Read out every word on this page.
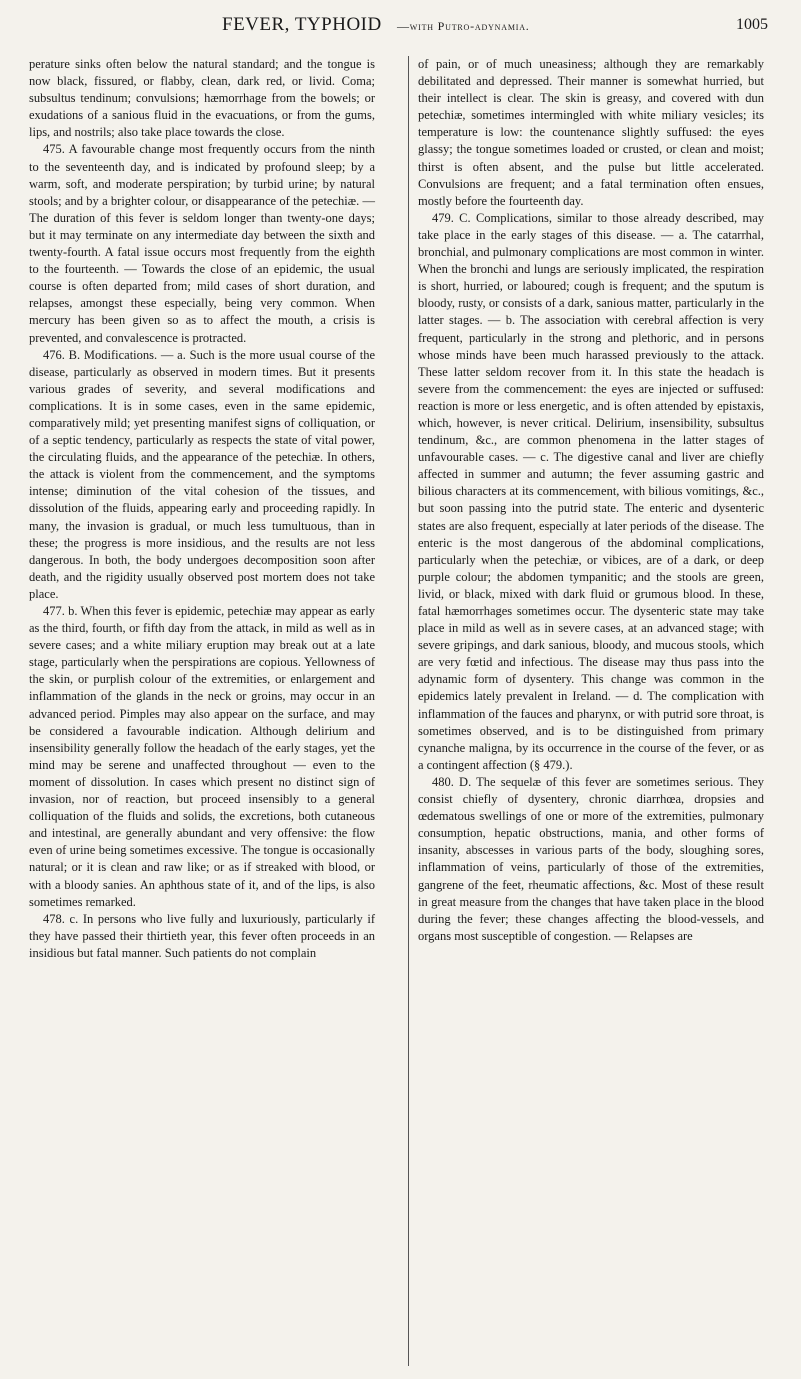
FEVER, TYPHOID —with Putro-adynamia.	1005

perature sinks often below the natural standard; and the tongue is now black, fissured, or flabby, clean, dark red, or livid. Coma; subsultus tendinum; convulsions; hæmorrhage from the bowels; or exudations of a sanious fluid in the evacuations, or from the gums, lips, and nostrils; also take place towards the close.

475. A favourable change most frequently occurs from the ninth to the seventeenth day, and is indicated by profound sleep; by a warm, soft, and moderate perspiration; by turbid urine; by natural stools; and by a brighter colour, or disappearance of the petechiæ. — The duration of this fever is seldom longer than twenty-one days; but it may terminate on any intermediate day between the sixth and twenty-fourth. A fatal issue occurs most frequently from the eighth to the fourteenth. — Towards the close of an epidemic, the usual course is often departed from; mild cases of short duration, and relapses, amongst these especially, being very common. When mercury has been given so as to affect the mouth, a crisis is prevented, and convalescence is protracted.

476. B. Modifications. — a. Such is the more usual course of the disease, particularly as observed in modern times. But it presents various grades of severity, and several modifications and complications. It is in some cases, even in the same epidemic, comparatively mild; yet presenting manifest signs of colliquation, or of a septic tendency, particularly as respects the state of vital power, the circulating fluids, and the appearance of the petechiæ. In others, the attack is violent from the commencement, and the symptoms intense; diminution of the vital cohesion of the tissues, and dissolution of the fluids, appearing early and proceeding rapidly. In many, the invasion is gradual, or much less tumultuous, than in these; the progress is more insidious, and the results are not less dangerous. In both, the body undergoes decomposition soon after death, and the rigidity usually observed post mortem does not take place.

477. b. When this fever is epidemic, petechiæ may appear as early as the third, fourth, or fifth day from the attack, in mild as well as in severe cases; and a white miliary eruption may break out at a late stage, particularly when the perspirations are copious. Yellowness of the skin, or purplish colour of the extremities, or enlargement and inflammation of the glands in the neck or groins, may occur in an advanced period. Pimples may also appear on the surface, and may be considered a favourable indication. Although delirium and insensibility generally follow the headach of the early stages, yet the mind may be serene and unaffected throughout — even to the moment of dissolution. In cases which present no distinct sign of invasion, nor of reaction, but proceed insensibly to a general colliquation of the fluids and solids, the excretions, both cutaneous and intestinal, are generally abundant and very offensive: the flow even of urine being sometimes excessive. The tongue is occasionally natural; or it is clean and raw like; or as if streaked with blood, or with a bloody sanies. An aphthous state of it, and of the lips, is also sometimes remarked.

478. c. In persons who live fully and luxuriously, particularly if they have passed their thirtieth year, this fever often proceeds in an insidious but fatal manner. Such patients do not complain

of pain, or of much uneasiness; although they are remarkably debilitated and depressed. Their manner is somewhat hurried, but their intellect is clear. The skin is greasy, and covered with dun petechiæ, sometimes intermingled with white miliary vesicles; its temperature is low: the countenance slightly suffused: the eyes glassy; the tongue sometimes loaded or crusted, or clean and moist; thirst is often absent, and the pulse but little accelerated. Convulsions are frequent; and a fatal termination often ensues, mostly before the fourteenth day.

479. C. Complications, similar to those already described, may take place in the early stages of this disease. — a. The catarrhal, bronchial, and pulmonary complications are most common in winter. When the bronchi and lungs are seriously implicated, the respiration is short, hurried, or laboured; cough is frequent; and the sputum is bloody, rusty, or consists of a dark, sanious matter, particularly in the latter stages. — b. The association with cerebral affection is very frequent, particularly in the strong and plethoric, and in persons whose minds have been much harassed previously to the attack. These latter seldom recover from it. In this state the headach is severe from the commencement: the eyes are injected or suffused: reaction is more or less energetic, and is often attended by epistaxis, which, however, is never critical. Delirium, insensibility, subsultus tendinum, &c., are common phenomena in the latter stages of unfavourable cases. — c. The digestive canal and liver are chiefly affected in summer and autumn; the fever assuming gastric and bilious characters at its commencement, with bilious vomitings, &c., but soon passing into the putrid state. The enteric and dysenteric states are also frequent, especially at later periods of the disease. The enteric is the most dangerous of the abdominal complications, particularly when the petechiæ, or vibices, are of a dark, or deep purple colour; the abdomen tympanitic; and the stools are green, livid, or black, mixed with dark fluid or grumous blood. In these, fatal hæmorrhages sometimes occur. The dysenteric state may take place in mild as well as in severe cases, at an advanced stage; with severe gripings, and dark sanious, bloody, and mucous stools, which are very fœtid and infectious. The disease may thus pass into the adynamic form of dysentery. This change was common in the epidemics lately prevalent in Ireland. — d. The complication with inflammation of the fauces and pharynx, or with putrid sore throat, is sometimes observed, and is to be distinguished from primary cynanche maligna, by its occurrence in the course of the fever, or as a contingent affection (§ 479.).

480. D. The sequelæ of this fever are sometimes serious. They consist chiefly of dysentery, chronic diarrhœa, dropsies and œdematous swellings of one or more of the extremities, pulmonary consumption, hepatic obstructions, mania, and other forms of insanity, abscesses in various parts of the body, sloughing sores, inflammation of veins, particularly of those of the extremities, gangrene of the feet, rheumatic affections, &c. Most of these result in great measure from the changes that have taken place in the blood during the fever; these changes affecting the blood-vessels, and organs most susceptible of congestion. — Relapses are
